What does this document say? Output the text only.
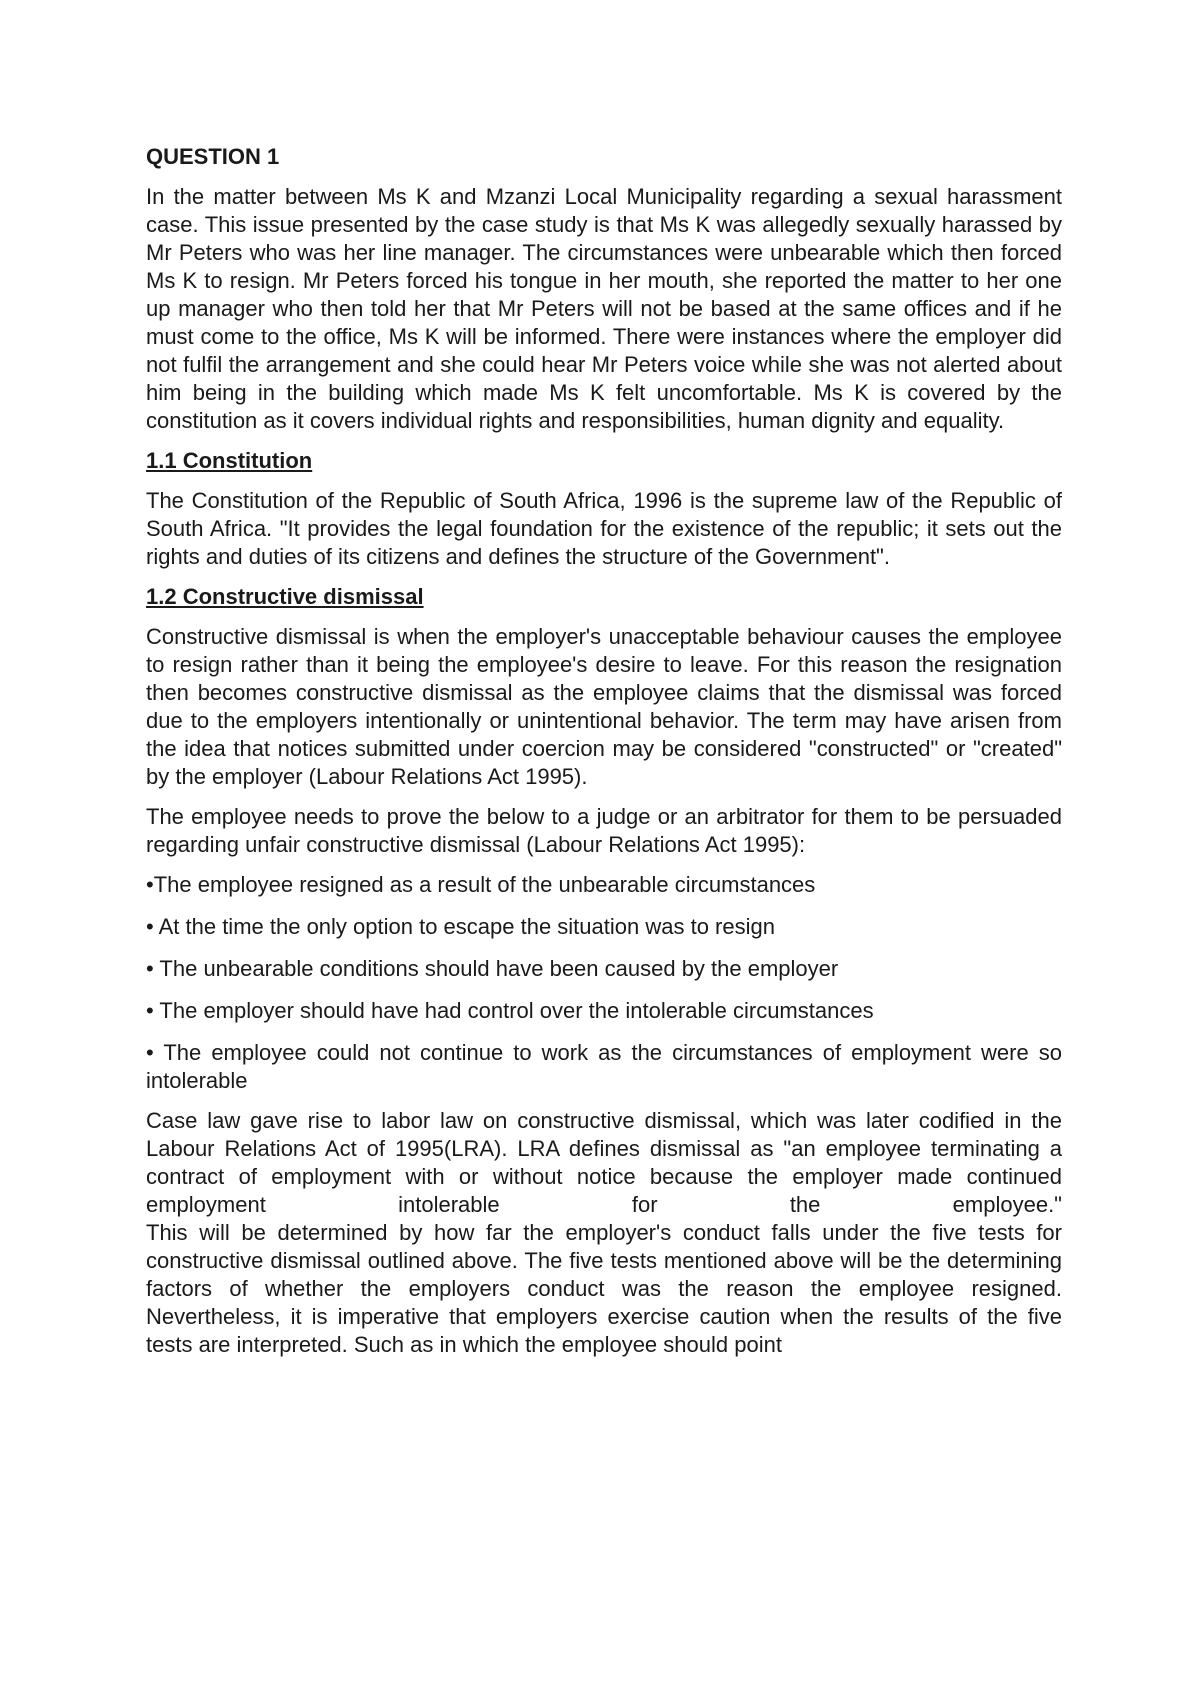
QUESTION 1

In the matter between Ms K and Mzanzi Local Municipality regarding a sexual harassment case. This issue presented by the case study is that Ms K was allegedly sexually harassed by Mr Peters who was her line manager. The circumstances were unbearable which then forced Ms K to resign. Mr Peters forced his tongue in her mouth, she reported the matter to her one up manager who then told her that Mr Peters will not be based at the same offices and if he must come to the office, Ms K will be informed. There were instances where the employer did not fulfil the arrangement and she could hear Mr Peters voice while she was not alerted about him being in the building which made Ms K felt uncomfortable. Ms K is covered by the constitution as it covers individual rights and responsibilities, human dignity and equality.

1.1 Constitution

The Constitution of the Republic of South Africa, 1996 is the supreme law of the Republic of South Africa. "It provides the legal foundation for the existence of the republic; it sets out the rights and duties of its citizens and defines the structure of the Government".

1.2 Constructive dismissal

Constructive dismissal is when the employer's unacceptable behaviour causes the employee to resign rather than it being the employee's desire to leave. For this reason the resignation then becomes constructive dismissal as the employee claims that the dismissal was forced due to the employers intentionally or unintentional behavior. The term may have arisen from the idea that notices submitted under coercion may be considered "constructed" or "created" by the employer (Labour Relations Act 1995).

The employee needs to prove the below to a judge or an arbitrator for them to be persuaded regarding unfair constructive dismissal (Labour Relations Act 1995):

•The employee resigned as a result of the unbearable circumstances

• At the time the only option to escape the situation was to resign

• The unbearable conditions should have been caused by the employer

• The employer should have had control over the intolerable circumstances

• The employee could not continue to work as the circumstances of employment were so intolerable

Case law gave rise to labor law on constructive dismissal, which was later codified in the Labour Relations Act of 1995(LRA). LRA defines dismissal as "an employee terminating a contract of employment with or without notice because the employer made continued employment intolerable for the employee."

This will be determined by how far the employer's conduct falls under the five tests for constructive dismissal outlined above. The five tests mentioned above will be the determining factors of whether the employers conduct was the reason the employee resigned. Nevertheless, it is imperative that employers exercise caution when the results of the five tests are interpreted. Such as in which the employee should point
